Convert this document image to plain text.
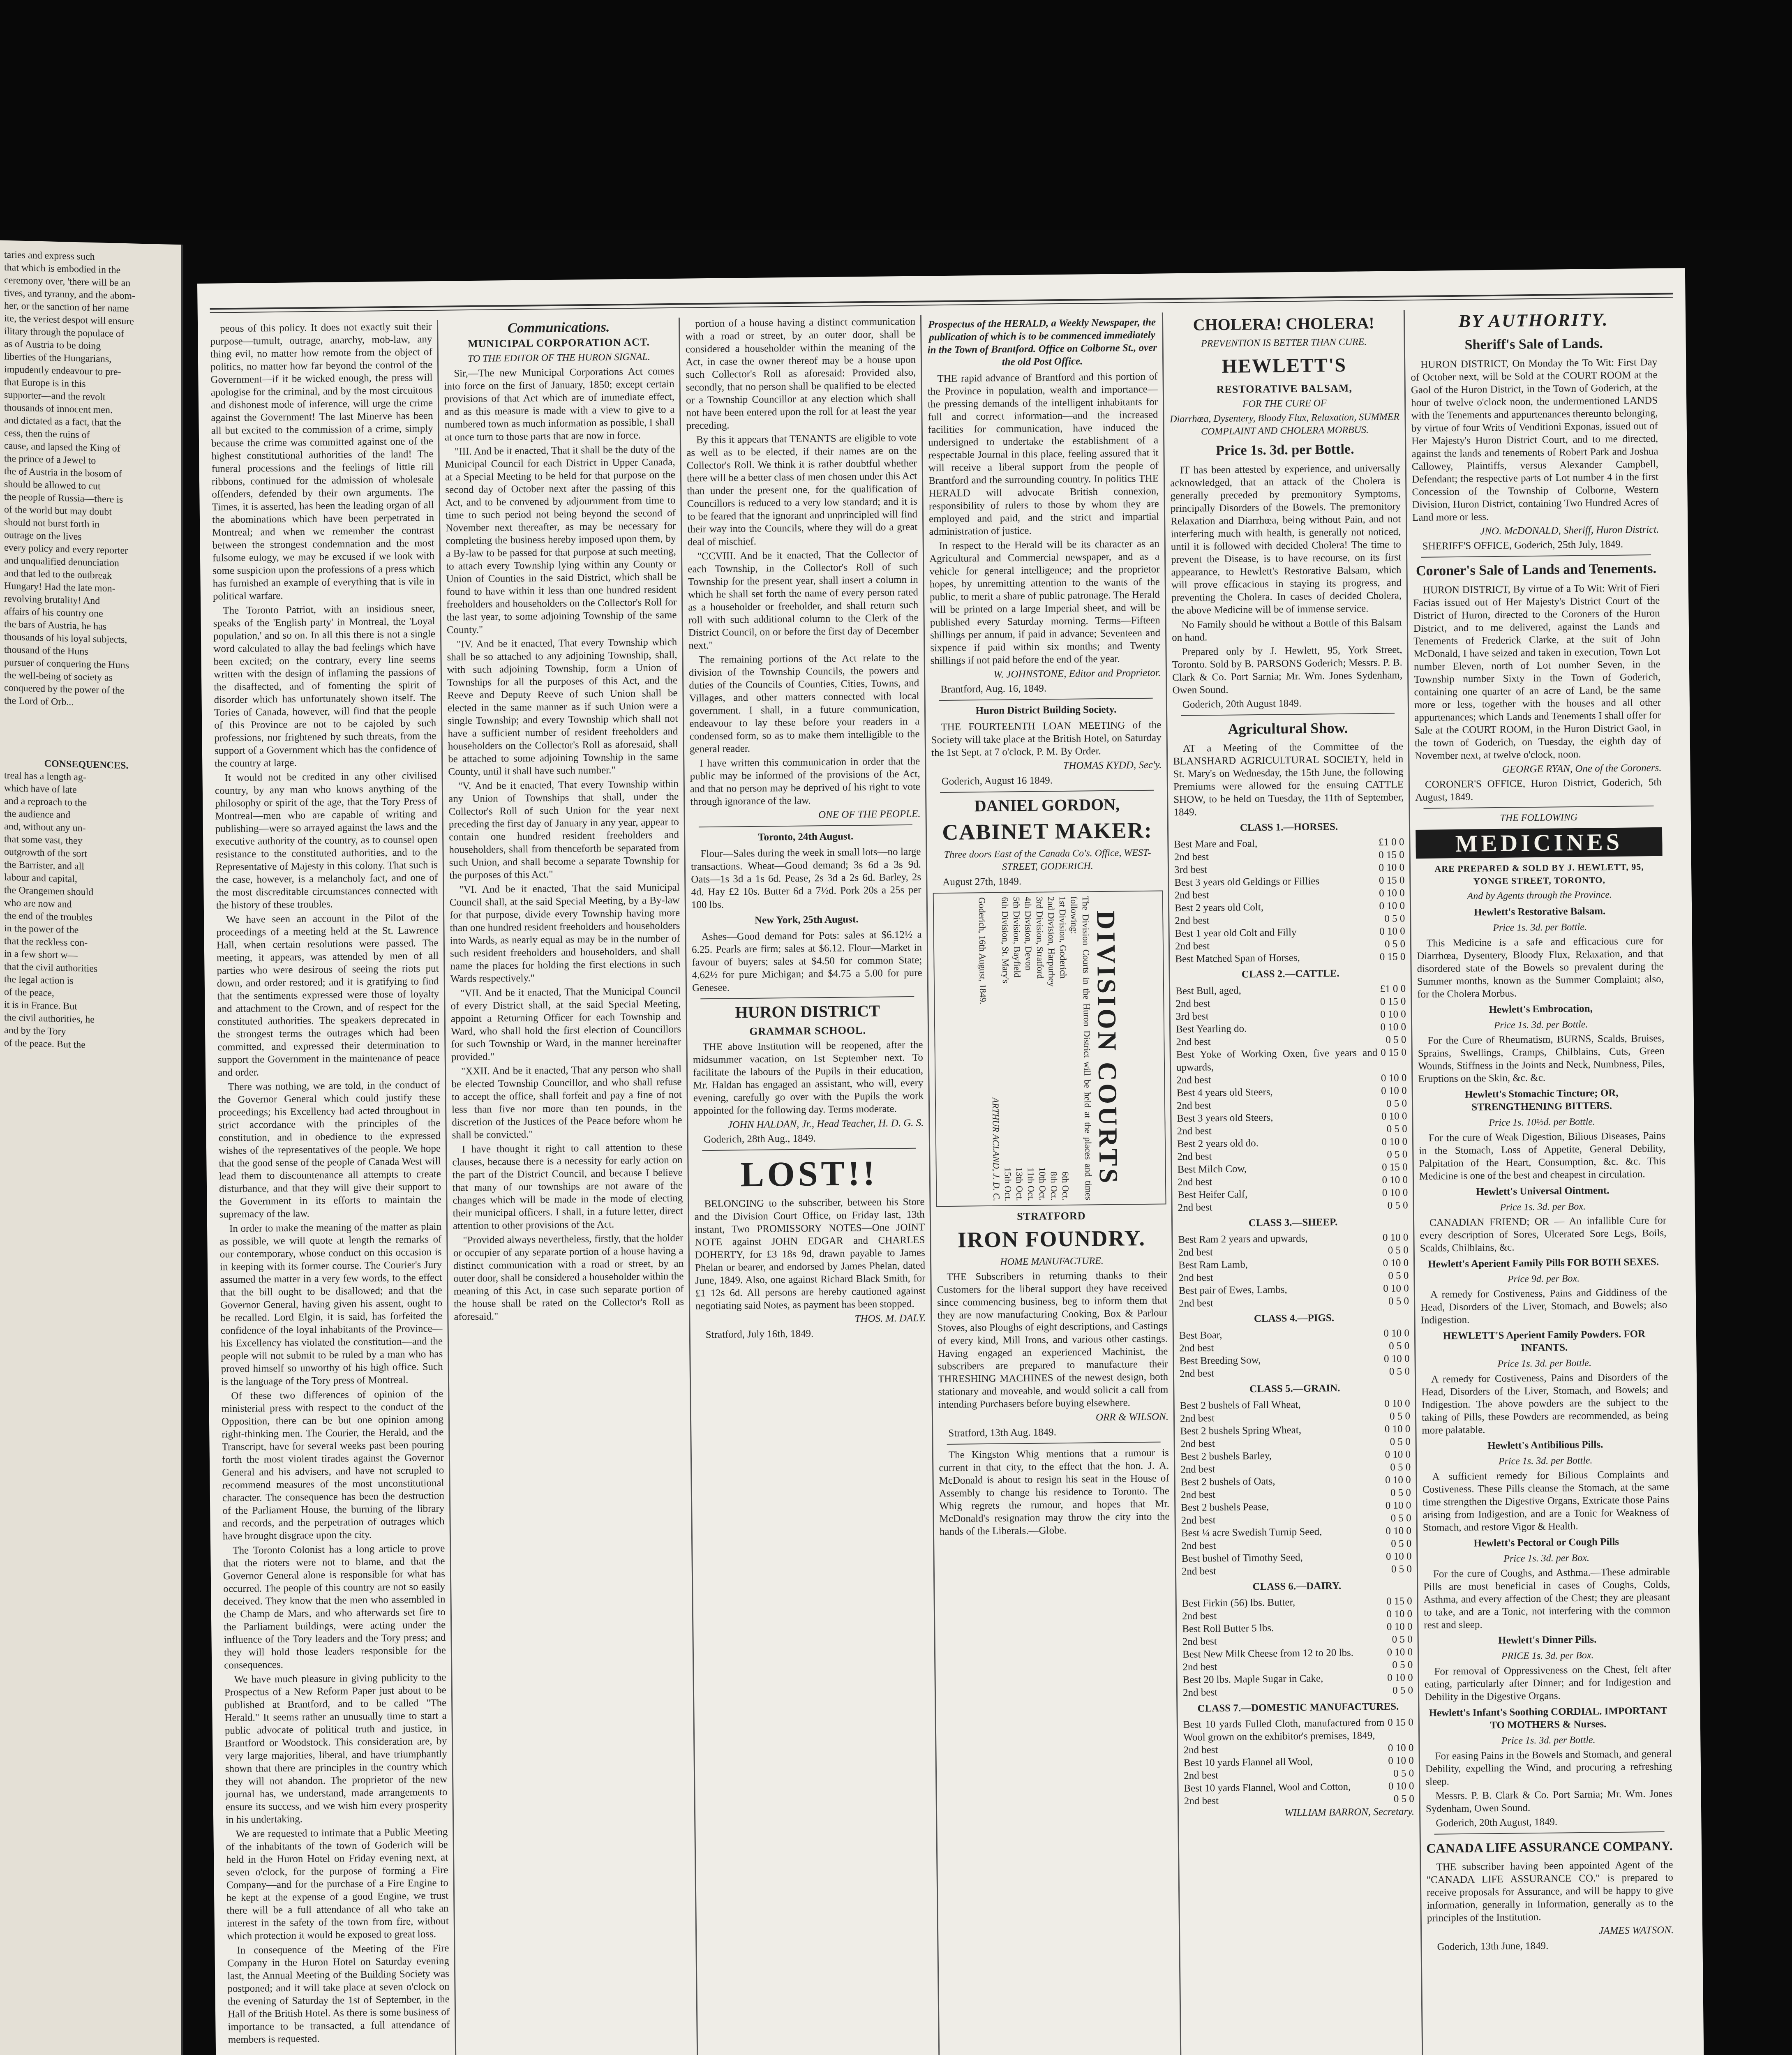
taries and express such
that which is embodied in the
ceremony over, 'there will be an
tives, and tyranny, and the abom-
her, or the sanction of her name
ite, the veriest despot will ensure
ilitary through the populace of
as of Austria to be doing
liberties of the Hungarians,
impudently endeavour to pre-
that Europe is in this
supporter—and the revolt
thousands of innocent men.
and dictated as a fact, that the
cess, then the ruins of
cause, and lapsed the King of
the prince of a Jewel to
the of Austria in the bosom of
should be allowed to cut
the people of Russia—there is
of the world but may doubt
should not burst forth in
outrage on the lives
every policy and every reporter
and unqualified denunciation
and that led to the outbreak
Hungary! Had the late mon-
revolving brutality! And
affairs of his country one
the bars of Austria, he has
thousands of his loyal subjects,
thousand of the Huns
pursuer of conquering the Huns
the well-being of society as
conquered by the power of the
the Lord of Orb...
CONSEQUENCES.
treal has a length ag-
which have of late
and a reproach to the
the audience and
and, without any un-
that some vast, they
outgrowth of the sort
the Barrister, and all
labour and capital,
the Orangemen should
who are now and
the end of the troubles
in the power of the
that the reckless con-
in a few short w—
that the civil authorities
the legal action is
of the peace,
it is in France. But
the civil authorities, he
and by the Tory
of the peace. But the

peous of this policy. It does not exactly suit their purpose—tumult, outrage, anarchy, mob-law, any thing evil, no matter how remote from the object of politics, no matter how far beyond the control of the Government—if it be wicked enough, the press will apologise for the criminal, and by the most circuitous and dishonest mode of inference, will urge the crime against the Government! The last Minerve has been all but excited to the commission of a crime, simply because the crime was committed against one of the highest constitutional authorities of the land! The funeral processions and the feelings of little rill ribbons, continued for the admission of wholesale offenders, defended by their own arguments. The Times, it is asserted, has been the leading organ of all the abominations which have been perpetrated in Montreal; and when we remember the contrast between the strongest condemnation and the most fulsome eulogy, we may be excused if we look with some suspicion upon the professions of a press which has furnished an example of everything that is vile in political warfare.

The Toronto Patriot, with an insidious sneer, speaks of the 'English party' in Montreal, the 'Loyal population,' and so on. In all this there is not a single word calculated to allay the bad feelings which have been excited; on the contrary, every line seems written with the design of inflaming the passions of the disaffected, and of fomenting the spirit of disorder which has unfortunately shown itself. The Tories of Canada, however, will find that the people of this Province are not to be cajoled by such professions, nor frightened by such threats, from the support of a Government which has the confidence of the country at large.

It would not be credited in any other civilised country, by any man who knows anything of the philosophy or spirit of the age, that the Tory Press of Montreal—men who are capable of writing and publishing—were so arrayed against the laws and the executive authority of the country, as to counsel open resistance to the constituted authorities, and to the Representative of Majesty in this colony. That such is the case, however, is a melancholy fact, and one of the most discreditable circumstances connected with the history of these troubles.

We have seen an account in the Pilot of the proceedings of a meeting held at the St. Lawrence Hall, when certain resolutions were passed. The meeting, it appears, was attended by men of all parties who were desirous of seeing the riots put down, and order restored; and it is gratifying to find that the sentiments expressed were those of loyalty and attachment to the Crown, and of respect for the constituted authorities. The speakers deprecated in the strongest terms the outrages which had been committed, and expressed their determination to support the Government in the maintenance of peace and order.

There was nothing, we are told, in the conduct of the Governor General which could justify these proceedings; his Excellency had acted throughout in strict accordance with the principles of the constitution, and in obedience to the expressed wishes of the representatives of the people. We hope that the good sense of the people of Canada West will lead them to discountenance all attempts to create disturbance, and that they will give their support to the Government in its efforts to maintain the supremacy of the law.

In order to make the meaning of the matter as plain as possible, we will quote at length the remarks of our contemporary, whose conduct on this occasion is in keeping with its former course. The Courier's Jury assumed the matter in a very few words, to the effect that the bill ought to be disallowed; and that the Governor General, having given his assent, ought to be recalled. Lord Elgin, it is said, has forfeited the confidence of the loyal inhabitants of the Province—his Excellency has violated the constitution—and the people will not submit to be ruled by a man who has proved himself so unworthy of his high office. Such is the language of the Tory press of Montreal.

Of these two differences of opinion of the ministerial press with respect to the conduct of the Opposition, there can be but one opinion among right-thinking men. The Courier, the Herald, and the Transcript, have for several weeks past been pouring forth the most violent tirades against the Governor General and his advisers, and have not scrupled to recommend measures of the most unconstitutional character. The consequence has been the destruction of the Parliament House, the burning of the library and records, and the perpetration of outrages which have brought disgrace upon the city.

The Toronto Colonist has a long article to prove that the rioters were not to blame, and that the Governor General alone is responsible for what has occurred. The people of this country are not so easily deceived. They know that the men who assembled in the Champ de Mars, and who afterwards set fire to the Parliament buildings, were acting under the influence of the Tory leaders and the Tory press; and they will hold those leaders responsible for the consequences.

We have much pleasure in giving publicity to the Prospectus of a New Reform Paper just about to be published at Brantford, and to be called "The Herald." It seems rather an unusually time to start a public advocate of political truth and justice, in Brantford or Woodstock. This consideration are, by very large majorities, liberal, and have triumphantly shown that there are principles in the country which they will not abandon. The proprietor of the new journal has, we understand, made arrangements to ensure its success, and we wish him every prosperity in his undertaking.

We are requested to intimate that a Public Meeting of the inhabitants of the town of Goderich will be held in the Huron Hotel on Friday evening next, at seven o'clock, for the purpose of forming a Fire Company—and for the purchase of a Fire Engine to be kept at the expense of a good Engine, we trust there will be a full attendance of all who take an interest in the safety of the town from fire, without which protection it would be exposed to great loss.

In consequence of the Meeting of the Fire Company in the Huron Hotel on Saturday evening last, the Annual Meeting of the Building Society was postponed; and it will take place at seven o'clock on the evening of Saturday the 1st of September, in the Hall of the British Hotel. As there is some business of importance to be transacted, a full attendance of members is requested.

Communications.
MUNICIPAL CORPORATION ACT.
TO THE EDITOR OF THE HURON SIGNAL.

Sir,—The new Municipal Corporations Act comes into force on the first of January, 1850; except certain provisions of that Act which are of immediate effect, and as this measure is made with a view to give to a numbered town as much information as possible, I shall at once turn to those parts that are now in force.

"III. And be it enacted, That it shall be the duty of the Municipal Council for each District in Upper Canada, at a Special Meeting to be held for that purpose on the second day of October next after the passing of this Act, and to be convened by adjournment from time to time to such period not being beyond the second of November next thereafter, as may be necessary for completing the business hereby imposed upon them, by a By-law to be passed for that purpose at such meeting, to attach every Township lying within any County or Union of Counties in the said District, which shall be found to have within it less than one hundred resident freeholders and householders on the Collector's Roll for the last year, to some adjoining Township of the same County."

"IV. And be it enacted, That every Township which shall be so attached to any adjoining Township, shall, with such adjoining Township, form a Union of Townships for all the purposes of this Act, and the Reeve and Deputy Reeve of such Union shall be elected in the same manner as if such Union were a single Township; and every Township which shall not have a sufficient number of resident freeholders and householders on the Collector's Roll as aforesaid, shall be attached to some adjoining Township in the same County, until it shall have such number."

"V. And be it enacted, That every Township within any Union of Townships that shall, under the Collector's Roll of such Union for the year next preceding the first day of January in any year, appear to contain one hundred resident freeholders and householders, shall from thenceforth be separated from such Union, and shall become a separate Township for the purposes of this Act."

"VI. And be it enacted, That the said Municipal Council shall, at the said Special Meeting, by a By-law for that purpose, divide every Township having more than one hundred resident freeholders and householders into Wards, as nearly equal as may be in the number of such resident freeholders and householders, and shall name the places for holding the first elections in such Wards respectively."

"VII. And be it enacted, That the Municipal Council of every District shall, at the said Special Meeting, appoint a Returning Officer for each Township and Ward, who shall hold the first election of Councillors for such Township or Ward, in the manner hereinafter provided."

"XXII. And be it enacted, That any person who shall be elected Township Councillor, and who shall refuse to accept the office, shall forfeit and pay a fine of not less than five nor more than ten pounds, in the discretion of the Justices of the Peace before whom he shall be convicted."

I have thought it right to call attention to these clauses, because there is a necessity for early action on the part of the District Council, and because I believe that many of our townships are not aware of the changes which will be made in the mode of electing their municipal officers. I shall, in a future letter, direct attention to other provisions of the Act.

"Provided always nevertheless, firstly, that the holder or occupier of any separate portion of a house having a distinct communication with a road or street, by an outer door, shall be considered a householder within the meaning of this Act, in case such separate portion of the house shall be rated on the Collector's Roll as aforesaid."

portion of a house having a distinct communication with a road or street, by an outer door, shall be considered a householder within the meaning of the Act, in case the owner thereof may be a house upon such Collector's Roll as aforesaid: Provided also, secondly, that no person shall be qualified to be elected or a Township Councillor at any election which shall not have been entered upon the roll for at least the year preceding.

By this it appears that TENANTS are eligible to vote as well as to be elected, if their names are on the Collector's Roll. We think it is rather doubtful whether there will be a better class of men chosen under this Act than under the present one, for the qualification of Councillors is reduced to a very low standard; and it is to be feared that the ignorant and unprincipled will find their way into the Councils, where they will do a great deal of mischief.

"CCVIII. And be it enacted, That the Collector of each Township, in the Collector's Roll of such Township for the present year, shall insert a column in which he shall set forth the name of every person rated as a householder or freeholder, and shall return such roll with such additional column to the Clerk of the District Council, on or before the first day of December next."

The remaining portions of the Act relate to the division of the Township Councils, the powers and duties of the Councils of Counties, Cities, Towns, and Villages, and other matters connected with local government. I shall, in a future communication, endeavour to lay these before your readers in a condensed form, so as to make them intelligible to the general reader.

I have written this communication in order that the public may be informed of the provisions of the Act, and that no person may be deprived of his right to vote through ignorance of the law.

ONE OF THE PEOPLE.

Toronto, 24th August.

Flour—Sales during the week in small lots—no large transactions. Wheat—Good demand; 3s 6d a 3s 9d. Oats—1s 3d a 1s 6d. Pease, 2s 3d a 2s 6d. Barley, 2s 4d. Hay £2 10s. Butter 6d a 7½d. Pork 20s a 25s per 100 lbs.

New York, 25th August.

Ashes—Good demand for Pots: sales at $6.12½ a 6.25. Pearls are firm; sales at $6.12. Flour—Market in favour of buyers; sales at $4.50 for common State; 4.62½ for pure Michigan; and $4.75 a 5.00 for pure Genesee.

HURON DISTRICT
GRAMMAR SCHOOL.

THE above Institution will be reopened, after the midsummer vacation, on 1st September next. To facilitate the labours of the Pupils in their education, Mr. Haldan has engaged an assistant, who will, every evening, carefully go over with the Pupils the work appointed for the following day. Terms moderate.

JOHN HALDAN, Jr., Head Teacher, H. D. G. S.

Goderich, 28th Aug., 1849.

LOST!!

BELONGING to the subscriber, between his Store and the Division Court Office, on Friday last, 13th instant, Two PROMISSORY NOTES—One JOINT NOTE against JOHN EDGAR and CHARLES DOHERTY, for £3 18s 9d, drawn payable to James Phelan or bearer, and endorsed by James Phelan, dated June, 1849. Also, one against Richard Black Smith, for £1 12s 6d. All persons are hereby cautioned against negotiating said Notes, as payment has been stopped.

THOS. M. DALY.

Stratford, July 16th, 1849.

Prospectus of the HERALD, a Weekly Newspaper, the publication of which is to be commenced immediately in the Town of Brantford. Office on Colborne St., over the old Post Office.

THE rapid advance of Brantford and this portion of the Province in population, wealth and importance—the pressing demands of the intelligent inhabitants for full and correct information—and the increased facilities for communication, have induced the undersigned to undertake the establishment of a respectable Journal in this place, feeling assured that it will receive a liberal support from the people of Brantford and the surrounding country. In politics THE HERALD will advocate British connexion, responsibility of rulers to those by whom they are employed and paid, and the strict and impartial administration of justice.

In respect to the Herald will be its character as an Agricultural and Commercial newspaper, and as a vehicle for general intelligence; and the proprietor hopes, by unremitting attention to the wants of the public, to merit a share of public patronage. The Herald will be printed on a large Imperial sheet, and will be published every Saturday morning. Terms—Fifteen shillings per annum, if paid in advance; Seventeen and sixpence if paid within six months; and Twenty shillings if not paid before the end of the year.

W. JOHNSTONE, Editor and Proprietor.

Brantford, Aug. 16, 1849.

Huron District Building Society.

THE FOURTEENTH LOAN MEETING of the Society will take place at the British Hotel, on Saturday the 1st Sept. at 7 o'clock, P. M. By Order.

THOMAS KYDD, Sec'y.

Goderich, August 16 1849.

DANIEL GORDON,
CABINET MAKER:

Three doors East of the Canada Co's. Office, WEST-STREET, GODERICH.

August 27th, 1849.

DIVISION COURTS
The Division Courts in the Huron District will be held at the places and times following:
1st Division, Goderich
6th Oct.
2nd Division, Harpurhey
8th Oct.
3rd Division, Stratford
10th Oct.
4th Division, Devon
11th Oct.
5th Division, Bayfield
13th Oct.
6th Division, St. Mary's
15th Oct.
ARTHUR ACLAND, J. D. C.
Goderich, 16th August, 1849.
STRATFORD
IRON FOUNDRY.

HOME MANUFACTURE.

THE Subscribers in returning thanks to their Customers for the liberal support they have received since commencing business, beg to inform them that they are now manufacturing Cooking, Box & Parlour Stoves, also Ploughs of eight descriptions, and Castings of every kind, Mill Irons, and various other castings. Having engaged an experienced Machinist, the subscribers are prepared to manufacture their THRESHING MACHINES of the newest design, both stationary and moveable, and would solicit a call from intending Purchasers before buying elsewhere.

ORR & WILSON.

Stratford, 13th Aug. 1849.

The Kingston Whig mentions that a rumour is current in that city, to the effect that the hon. J. A. McDonald is about to resign his seat in the House of Assembly to change his residence to Toronto. The Whig regrets the rumour, and hopes that Mr. McDonald's resignation may throw the city into the hands of the Liberals.—Globe.

CHOLERA! CHOLERA!

PREVENTION IS BETTER THAN CURE.

HEWLETT'S
RESTORATIVE BALSAM,

FOR THE CURE OF

Diarrhœa, Dysentery, Bloody Flux, Relaxation, SUMMER COMPLAINT AND CHOLERA MORBUS.

Price 1s. 3d. per Bottle.

IT has been attested by experience, and universally acknowledged, that an attack of the Cholera is generally preceded by premonitory Symptoms, principally Disorders of the Bowels. The premonitory Relaxation and Diarrhœa, being without Pain, and not interfering much with health, is generally not noticed, until it is followed with decided Cholera! The time to prevent the Disease, is to have recourse, on its first appearance, to Hewlett's Restorative Balsam, which will prove efficacious in staying its progress, and preventing the Cholera. In cases of decided Cholera, the above Medicine will be of immense service.

No Family should be without a Bottle of this Balsam on hand.

Prepared only by J. Hewlett, 95, York Street, Toronto. Sold by B. PARSONS Goderich; Messrs. P. B. Clark & Co. Port Sarnia; Mr. Wm. Jones Sydenham, Owen Sound.

Goderich, 20th August 1849.

Agricultural Show.

AT a Meeting of the Committee of the BLANSHARD AGRICULTURAL SOCIETY, held in St. Mary's on Wednesday, the 15th June, the following Premiums were allowed for the ensuing CATTLE SHOW, to be held on Tuesday, the 11th of September, 1849.

CLASS 1.—HORSES.

Best Mare and Foal,	£1 0 0
2nd best	0 15 0
3rd best	0 10 0
Best 3 years old Geldings or Fillies	0 15 0
2nd best	0 10 0
Best 2 years old Colt,	0 10 0
2nd best	0 5 0
Best 1 year old Colt and Filly	0 10 0
2nd best	0 5 0
Best Matched Span of Horses,	0 15 0

CLASS 2.—CATTLE.

Best Bull, aged,	£1 0 0
2nd best	0 15 0
3rd best	0 10 0
Best Yearling do.	0 10 0
2nd best	0 5 0
Best Yoke of Working Oxen, five years and upwards,
0 15 0
2nd best	0 10 0
Best 4 years old Steers,	0 10 0
2nd best	0 5 0
Best 3 years old Steers,	0 10 0
2nd best	0 5 0
Best 2 years old do.	0 10 0
2nd best	0 5 0
Best Milch Cow,	0 15 0
2nd best	0 10 0
Best Heifer Calf,	0 10 0
2nd best	0 5 0

CLASS 3.—SHEEP.

Best Ram 2 years and upwards,	0 10 0
2nd best	0 5 0
Best Ram Lamb,	0 10 0
2nd best	0 5 0
Best pair of Ewes, Lambs,	0 10 0
2nd best	0 5 0

CLASS 4.—PIGS.

Best Boar,	0 10 0
2nd best	0 5 0
Best Breeding Sow,	0 10 0
2nd best	0 5 0

CLASS 5.—GRAIN.

Best 2 bushels of Fall Wheat,	0 10 0
2nd best	0 5 0
Best 2 bushels Spring Wheat,	0 10 0
2nd best	0 5 0
Best 2 bushels Barley,	0 10 0
2nd best	0 5 0
Best 2 bushels of Oats,	0 10 0
2nd best	0 5 0
Best 2 bushels Pease,	0 10 0
2nd best	0 5 0
Best ¼ acre Swedish Turnip Seed,	0 10 0
2nd best	0 5 0
Best bushel of Timothy Seed,	0 10 0
2nd best	0 5 0

CLASS 6.—DAIRY.

Best Firkin (56) lbs. Butter,	0 15 0
2nd best	0 10 0
Best Roll Butter 5 lbs.	0 10 0
2nd best	0 5 0
Best New Milk Cheese from 12 to 20 lbs.	0 10 0
2nd best	0 5 0
Best 20 lbs. Maple Sugar in Cake,	0 10 0
2nd best	0 5 0

CLASS 7.—DOMESTIC MANUFACTURES.

Best 10 yards Fulled Cloth, manufactured from Wool grown on the exhibitor's premises, 1849,
0 15 0
2nd best	0 10 0
Best 10 yards Flannel all Wool,	0 10 0
2nd best	0 5 0
Best 10 yards Flannel, Wool and Cotton,	0 10 0
2nd best	0 5 0

WILLIAM BARRON, Secretary.

BY AUTHORITY.
Sheriff's Sale of Lands.

HURON DISTRICT, On Monday the To Wit: First Day of October next, will be Sold at the COURT ROOM at the Gaol of the Huron District, in the Town of Goderich, at the hour of twelve o'clock noon, the undermentioned LANDS with the Tenements and appurtenances thereunto belonging, by virtue of four Writs of Venditioni Exponas, issued out of Her Majesty's Huron District Court, and to me directed, against the lands and tenements of Robert Park and Joshua Callowey, Plaintiffs, versus Alexander Campbell, Defendant; the respective parts of Lot number 4 in the first Concession of the Township of Colborne, Western Division, Huron District, containing Two Hundred Acres of Land more or less.

JNO. McDONALD, Sheriff, Huron District.

SHERIFF'S OFFICE, Goderich, 25th July, 1849.

Coroner's Sale of Lands and Tenements.

HURON DISTRICT, By virtue of a To Wit: Writ of Fieri Facias issued out of Her Majesty's District Court of the District of Huron, directed to the Coroners of the Huron District, and to me delivered, against the Lands and Tenements of Frederick Clarke, at the suit of John McDonald, I have seized and taken in execution, Town Lot number Eleven, north of Lot number Seven, in the Township number Sixty in the Town of Goderich, containing one quarter of an acre of Land, be the same more or less, together with the houses and all other appurtenances; which Lands and Tenements I shall offer for Sale at the COURT ROOM, in the Huron District Gaol, in the town of Goderich, on Tuesday, the eighth day of November next, at twelve o'clock, noon.

GEORGE RYAN, One of the Coroners.

CORONER'S OFFICE, Huron District, Goderich, 5th August, 1849.

THE FOLLOWING

MEDICINES

ARE PREPARED & SOLD BY J. HEWLETT, 95, YONGE STREET, TORONTO,

And by Agents through the Province.

Hewlett's Restorative Balsam.

Price 1s. 3d. per Bottle.

This Medicine is a safe and efficacious cure for Diarrhœa, Dysentery, Bloody Flux, Relaxation, and that disordered state of the Bowels so prevalent during the Summer months, known as the Summer Complaint; also, for the Cholera Morbus.

Hewlett's Embrocation,

Price 1s. 3d. per Bottle.

For the Cure of Rheumatism, BURNS, Scalds, Bruises, Sprains, Swellings, Cramps, Chilblains, Cuts, Green Wounds, Stiffness in the Joints and Neck, Numbness, Piles, Eruptions on the Skin, &c. &c.

Hewlett's Stomachic Tincture; OR, STRENGTHENING BITTERS.

Price 1s. 10½d. per Bottle.

For the cure of Weak Digestion, Bilious Diseases, Pains in the Stomach, Loss of Appetite, General Debility, Palpitation of the Heart, Consumption, &c. &c. This Medicine is one of the best and cheapest in circulation.

Hewlett's Universal Ointment.

Price 1s. 3d. per Box.

CANADIAN FRIEND; OR — An infallible Cure for every description of Sores, Ulcerated Sore Legs, Boils, Scalds, Chilblains, &c.

Hewlett's Aperient Family Pills FOR BOTH SEXES.

Price 9d. per Box.

A remedy for Costiveness, Pains and Giddiness of the Head, Disorders of the Liver, Stomach, and Bowels; also Indigestion.

HEWLETT'S Aperient Family Powders. FOR INFANTS.

Price 1s. 3d. per Bottle.

A remedy for Costiveness, Pains and Disorders of the Head, Disorders of the Liver, Stomach, and Bowels; and Indigestion. The above powders are the subject to the taking of Pills, these Powders are recommended, as being more palatable.

Hewlett's Antibilious Pills.

Price 1s. 3d. per Bottle.

A sufficient remedy for Bilious Complaints and Costiveness. These Pills cleanse the Stomach, at the same time strengthen the Digestive Organs, Extricate those Pains arising from Indigestion, and are a Tonic for Weakness of Stomach, and restore Vigor & Health.

Hewlett's Pectoral or Cough Pills

Price 1s. 3d. per Box.

For the cure of Coughs, and Asthma.—These admirable Pills are most beneficial in cases of Coughs, Colds, Asthma, and every affection of the Chest; they are pleasant to take, and are a Tonic, not interfering with the common rest and sleep.

Hewlett's Dinner Pills.

PRICE 1s. 3d. per Box.

For removal of Oppressiveness on the Chest, felt after eating, particularly after Dinner; and for Indigestion and Debility in the Digestive Organs.

Hewlett's Infant's Soothing CORDIAL. IMPORTANT TO MOTHERS & Nurses.

Price 1s. 3d. per Bottle.

For easing Pains in the Bowels and Stomach, and general Debility, expelling the Wind, and procuring a refreshing sleep.

Messrs. P. B. Clark & Co. Port Sarnia; Mr. Wm. Jones Sydenham, Owen Sound.

Goderich, 20th August, 1849.

CANADA LIFE ASSURANCE COMPANY.

THE subscriber having been appointed Agent of the "CANADA LIFE ASSURANCE CO." is prepared to receive proposals for Assurance, and will be happy to give information, generally in Information, generally as to the principles of the Institution.

JAMES WATSON.

Goderich, 13th June, 1849.
